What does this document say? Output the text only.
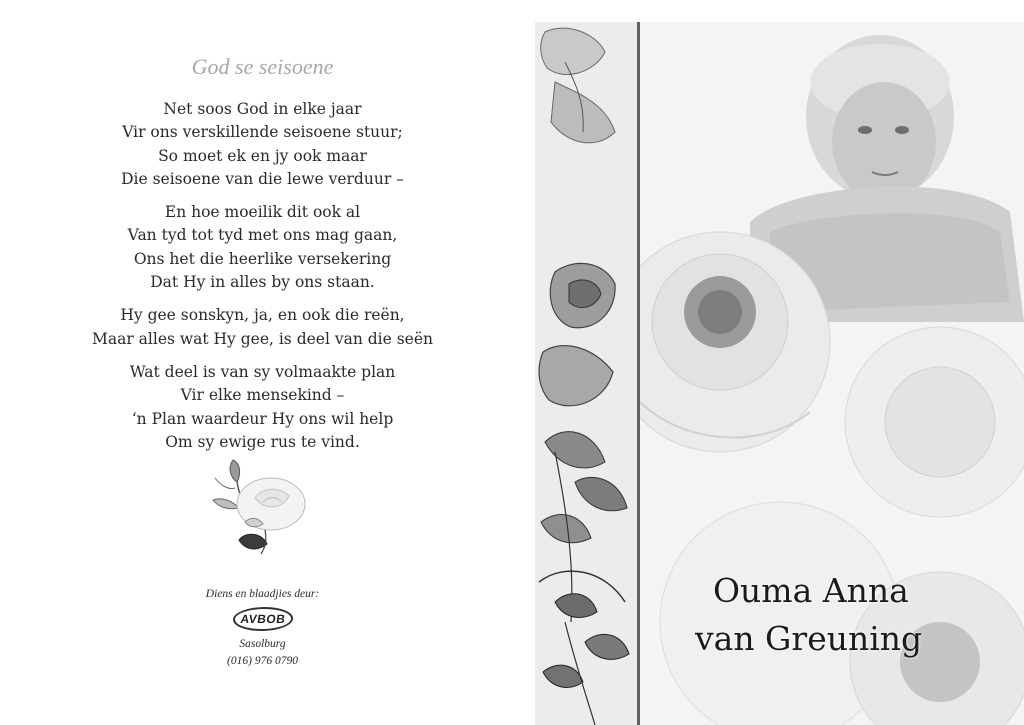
God se seisoene
Net soos God in elke jaar
Vir ons verskillende seisoene stuur;
So moet ek en jy ook maar
Die seisoene van die lewe verduur –
En hoe moeilik dit ook al
Van tyd tot tyd met ons mag gaan,
Ons het die heerlike versekering
Dat Hy in alles by ons staan.
Hy gee sonskyn, ja, en ook die reën,
Maar alles wat Hy gee, is deel van die seën
Wat deel is van sy volmaakte plan
Vir elke mensekind –
‘n Plan waardeur Hy ons wil help
Om sy ewige rus te vind.
Diens en blaadjies deur:
AVBOB
Sasolburg
(016) 976 0790
Ouma Anna
van Greuning
